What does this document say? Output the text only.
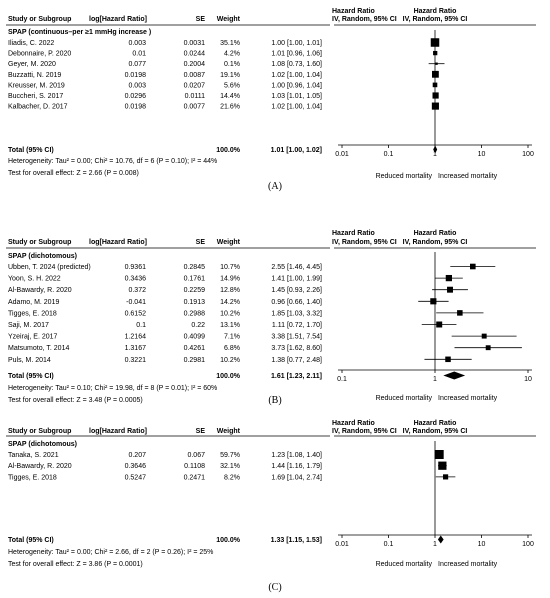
Hazard Ratio
Study or Subgroup	log[Hazard Ratio]	SE Weight	IV, Random, 95% CI
Hazard Ratio
IV, Random, 95% CI
SPAP (continuous–per ≥1 mmHg increase )
Iliadis, C. 2022	0.003	0.0031 35.1%	1.00 [1.00, 1.01]
Debonnaire, P. 2020	0.01	0.0244	4.2%	1.01 [0.96, 1.06]
Geyer, M. 2020	0.077	0.2004	0.1%	1.08 [0.73, 1.60]
Buzzatti, N. 2019	0.0198	0.0087 19.1%	1.02 [1.00, 1.04]
Kreusser, M. 2019	0.003	0.0207	5.6%	1.00 [0.96, 1.04]
Buccheri, S. 2017	0.0296	0.0111 14.4%	1.03 [1.01, 1.05]
Kalbacher, D. 2017	0.0198	0.0077 21.6%	1.02 [1.00, 1.04]
Total (95% CI)	100.0%	1.01 [1.00, 1.02]
Heterogeneity: Tau² = 0.00; Chi² = 10.76, df = 6 (P = 0.10); I² = 44%
Test for overall effect: Z = 2.66 (P = 0.008)
0.01	0.1	1	10	100
Reduced mortality Increased mortality
Hazard Ratio
Study or Subgroup	log[Hazard Ratio]	SE Weight	IV, Random, 95% CI
Hazard Ratio
IV, Random, 95% CI
SPAP (dichotomous)
Ubben, T. 2024 (predicted)	0.9361	0.2845 10.7%	2.55 [1.46, 4.45]
Yoon, S. H. 2022	0.3436	0.1761 14.9%	1.41 [1.00, 1.99]
Al-Bawardy, R. 2020	0.372	0.2259 12.8%	1.45 [0.93, 2.26]
Adamo, M. 2019	-0.041	0.1913 14.2%	0.96 [0.66, 1.40]
Tigges, E. 2018	0.6152	0.2988 10.2%	1.85 [1.03, 3.32]
Saji, M. 2017	0.1	0.22 13.1%	1.11 [0.72, 1.70]
Yzeiraj, E. 2017	1.2164	0.4099	7.1%	3.38 [1.51, 7.54]
Matsumoto, T. 2014	1.3167	0.4261	6.8%	3.73 [1.62, 8.60]
Puls, M. 2014	0.3221	0.2981 10.2%	1.38 [0.77, 2.48]
Total (95% CI)	100.0%	1.61 [1.23, 2.11]
Heterogeneity: Tau² = 0.10; Chi² = 19.98, df = 8 (P = 0.01); I² = 60%
Test for overall effect: Z = 3.48 (P = 0.0005)
0.1	1	10
Reduced mortality Increased mortality
Hazard Ratio
Study or Subgroup	log[Hazard Ratio]	SE Weight	IV, Random, 95% CI
Hazard Ratio
IV, Random, 95% CI
SPAP (dichotomous)
Tanaka, S. 2021	0.207	0.067 59.7%	1.23 [1.08, 1.40]
Al-Bawardy, R. 2020	0.3646	0.1108 32.1%	1.44 [1.16, 1.79]
Tigges, E. 2018	0.5247	0.2471	8.2%	1.69 [1.04, 2.74]
Total (95% CI)	100.0%	1.33 [1.15, 1.53]
Heterogeneity: Tau² = 0.00; Chi² = 2.66, df = 2 (P = 0.26); I² = 25%
Test for overall effect: Z = 3.86 (P = 0.0001)
0.01	0.1	1	10	100
Reduced mortality Increased mortality
(A)
(B)
(C)
